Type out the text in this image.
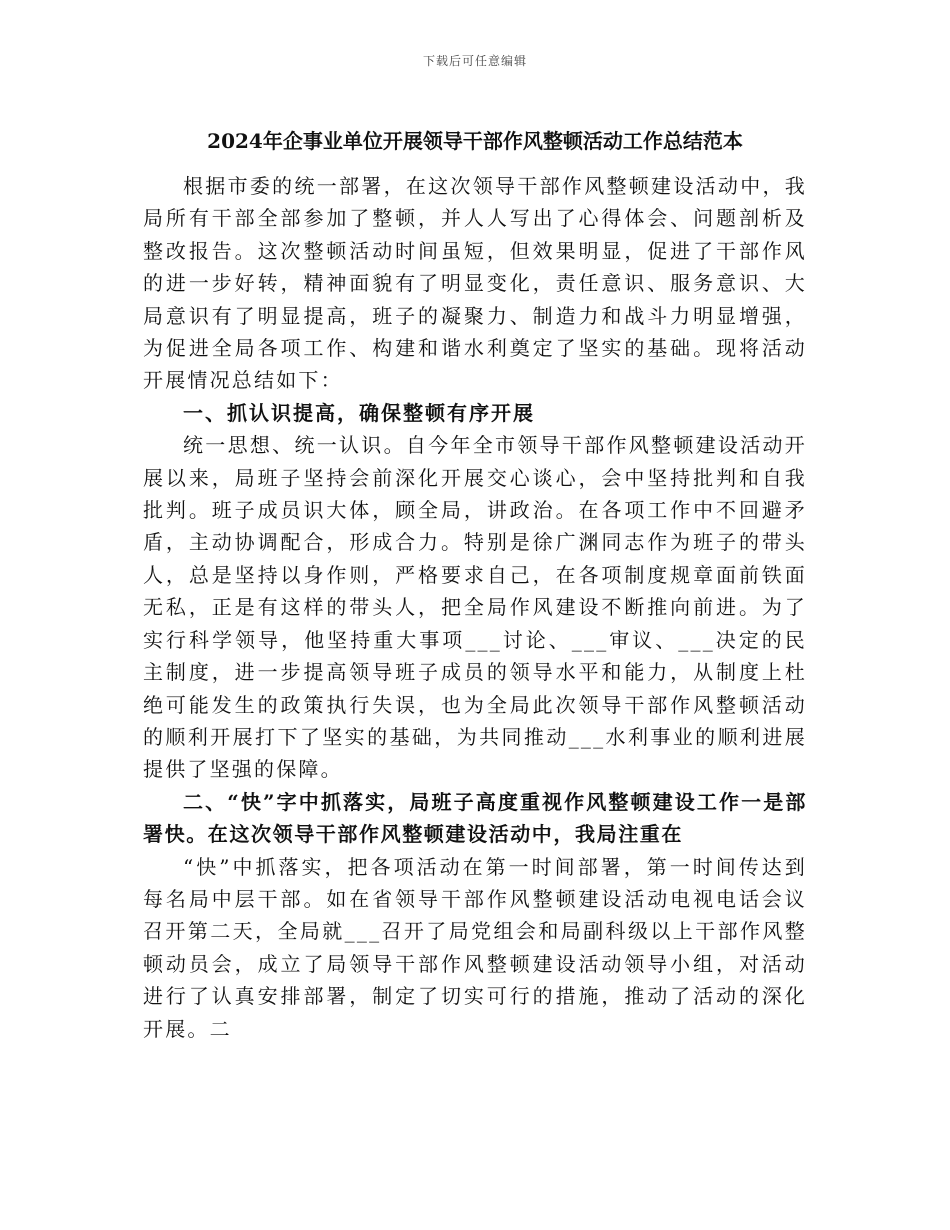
下载后可任意编辑
2024年企事业单位开展领导干部作风整顿活动工作总结范本

根据市委的统一部署，在这次领导干部作风整顿建设活动中，我局所有干部全部参加了整顿，并人人写出了心得体会、问题剖析及整改报告。这次整顿活动时间虽短，但效果明显，促进了干部作风的进一步好转，精神面貌有了明显变化，责任意识、服务意识、大局意识有了明显提高，班子的凝聚力、制造力和战斗力明显增强，为促进全局各项工作、构建和谐水利奠定了坚实的基础。现将活动开展情况总结如下：

一、抓认识提高，确保整顿有序开展

统一思想、统一认识。自今年全市领导干部作风整顿建设活动开展以来，局班子坚持会前深化开展交心谈心，会中坚持批判和自我批判。班子成员识大体，顾全局，讲政治。在各项工作中不回避矛盾，主动协调配合，形成合力。特别是徐广渊同志作为班子的带头人，总是坚持以身作则，严格要求自己，在各项制度规章面前铁面无私，正是有这样的带头人，把全局作风建设不断推向前进。为了实行科学领导，他坚持重大事项___讨论、___审议、___决定的民主制度，进一步提高领导班子成员的领导水平和能力，从制度上杜绝可能发生的政策执行失误，也为全局此次领导干部作风整顿活动的顺利开展打下了坚实的基础，为共同推动___水利事业的顺利进展提供了坚强的保障。

二、“快”字中抓落实，局班子高度重视作风整顿建设工作一是部署快。在这次领导干部作风整顿建设活动中，我局注重在

“快”中抓落实，把各项活动在第一时间部署，第一时间传达到每名局中层干部。如在省领导干部作风整顿建设活动电视电话会议召开第二天，全局就___召开了局党组会和局副科级以上干部作风整顿动员会，成立了局领导干部作风整顿建设活动领导小组，对活动进行了认真安排部署，制定了切实可行的措施，推动了活动的深化开展。二
